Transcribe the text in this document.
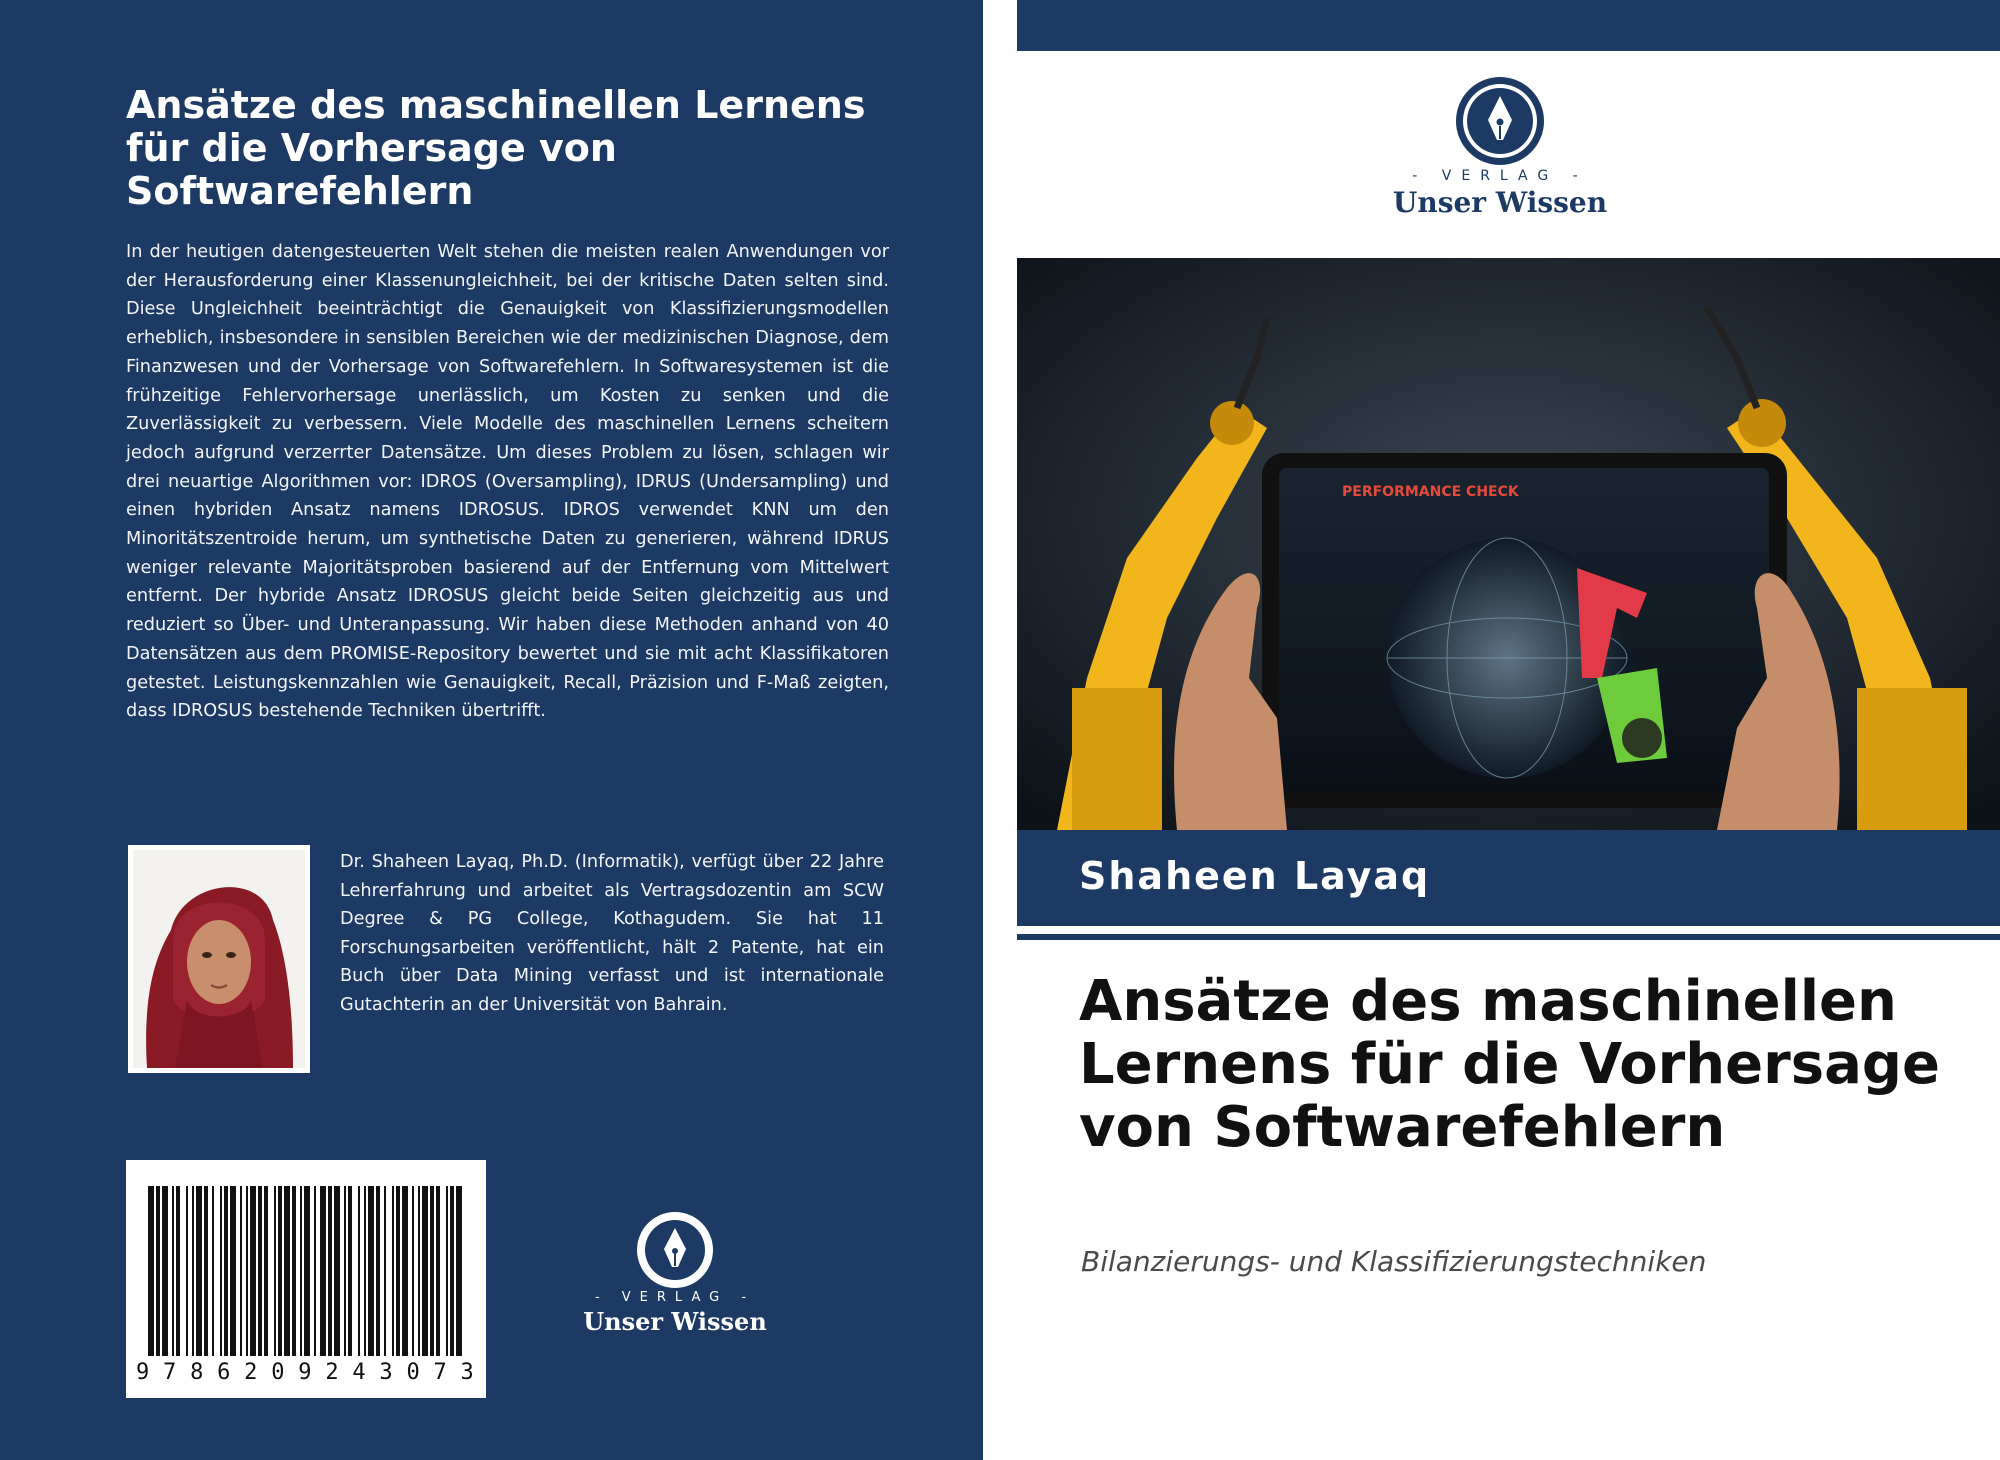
Ansätze des maschinellen Lernens für die Vorhersage von Softwarefehlern

In der heutigen datengesteuerten Welt stehen die meisten realen Anwendungen vor der Herausforderung einer Klassenungleichheit, bei der kritische Daten selten sind. Diese Ungleichheit beeinträchtigt die Genauigkeit von Klassifizierungsmodellen erheblich, insbesondere in sensiblen Bereichen wie der medizinischen Diagnose, dem Finanzwesen und der Vorhersage von Softwarefehlern. In Softwaresystemen ist die frühzeitige Fehlervorhersage unerlässlich, um Kosten zu senken und die Zuverlässigkeit zu verbessern. Viele Modelle des maschinellen Lernens scheitern jedoch aufgrund verzerrter Datensätze. Um dieses Problem zu lösen, schlagen wir drei neuartige Algorithmen vor: IDROS (Oversampling), IDRUS (Undersampling) und einen hybriden Ansatz namens IDROSUS. IDROS verwendet KNN um den Minoritätszentroide herum, um synthetische Daten zu generieren, während IDRUS weniger relevante Majoritätsproben basierend auf der Entfernung vom Mittelwert entfernt. Der hybride Ansatz IDROSUS gleicht beide Seiten gleichzeitig aus und reduziert so Über- und Unteranpassung. Wir haben diese Methoden anhand von 40 Datensätzen aus dem PROMISE-Repository bewertet und sie mit acht Klassifikatoren getestet. Leistungskennzahlen wie Genauigkeit, Recall, Präzision und F-Maß zeigten, dass IDROSUS bestehende Techniken übertrifft.

Dr. Shaheen Layaq, Ph.D. (Informatik), verfügt über 22 Jahre Lehrerfahrung und arbeitet als Vertragsdozentin am SCW Degree & PG College, Kothagudem. Sie hat 11 Forschungsarbeiten veröffentlicht, hält 2 Patente, hat ein Buch über Data Mining verfasst und ist internationale Gutachterin an der Universität von Bahrain.

9786209243073
- VERLAG -
Unser Wissen
- VERLAG -
Unser Wissen
PERFORMANCE CHECK
Shaheen Layaq
Ansätze des maschinellen Lernens für die Vorhersage von Softwarefehlern

Bilanzierungs- und Klassifizierungstechniken
